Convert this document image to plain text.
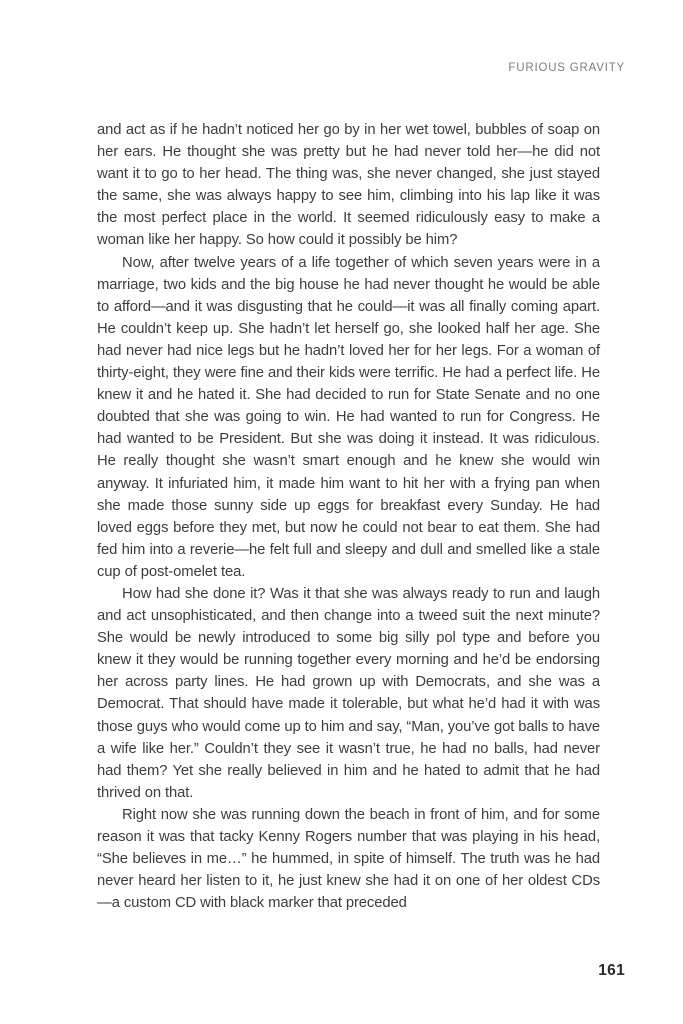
FURIOUS GRAVITY

and act as if he hadn’t noticed her go by in her wet towel, bubbles of soap on her ears. He thought she was pretty but he had never told her—he did not want it to go to her head. The thing was, she never changed, she just stayed the same, she was always happy to see him, climbing into his lap like it was the most perfect place in the world. It seemed ridiculously easy to make a woman like her happy. So how could it possibly be him?

Now, after twelve years of a life together of which seven years were in a marriage, two kids and the big house he had never thought he would be able to afford—and it was disgusting that he could—it was all finally coming apart. He couldn’t keep up. She hadn’t let herself go, she looked half her age. She had never had nice legs but he hadn’t loved her for her legs. For a woman of thirty-eight, they were fine and their kids were terrific. He had a perfect life. He knew it and he hated it. She had decided to run for State Senate and no one doubted that she was going to win. He had wanted to run for Congress. He had wanted to be President. But she was doing it instead. It was ridiculous. He really thought she wasn’t smart enough and he knew she would win anyway. It infuriated him, it made him want to hit her with a frying pan when she made those sunny side up eggs for breakfast every Sunday. He had loved eggs before they met, but now he could not bear to eat them. She had fed him into a reverie—he felt full and sleepy and dull and smelled like a stale cup of post-omelet tea.

How had she done it? Was it that she was always ready to run and laugh and act unsophisticated, and then change into a tweed suit the next minute? She would be newly introduced to some big silly pol type and before you knew it they would be running together every morning and he’d be endorsing her across party lines. He had grown up with Democrats, and she was a Democrat. That should have made it tolerable, but what he’d had it with was those guys who would come up to him and say, “Man, you’ve got balls to have a wife like her.” Couldn’t they see it wasn’t true, he had no balls, had never had them? Yet she really believed in him and he hated to admit that he had thrived on that.

Right now she was running down the beach in front of him, and for some reason it was that tacky Kenny Rogers number that was playing in his head, “She believes in me…” he hummed, in spite of himself. The truth was he had never heard her listen to it, he just knew she had it on one of her oldest CDs—a custom CD with black marker that preceded

161
